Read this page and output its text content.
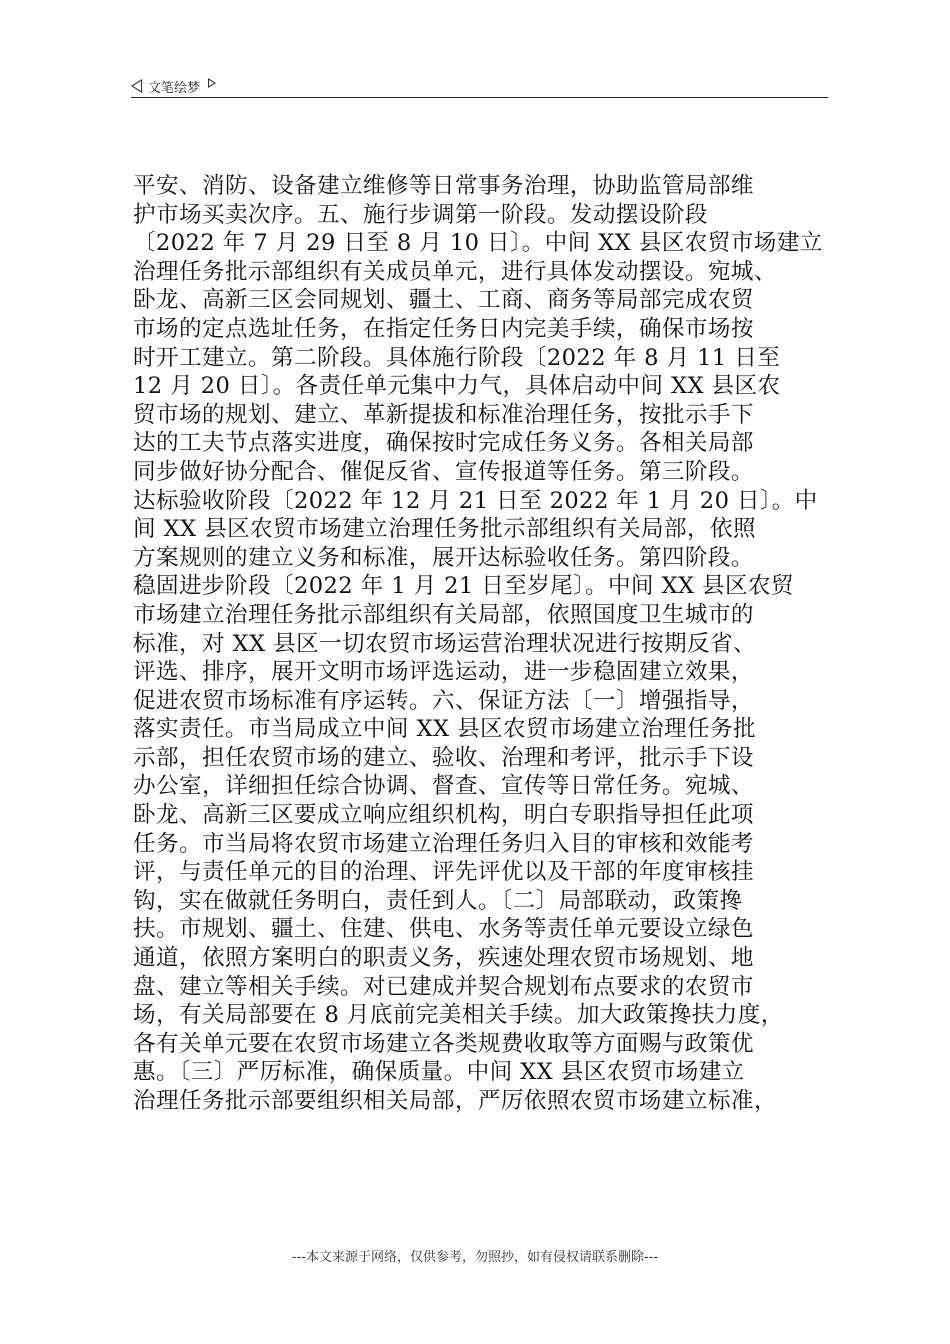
文笔绘梦
平安、消防、设备建立维修等日常事务治理，协助监管局部维
护市场买卖次序。五、施行步调第一阶段。发动摆设阶段
〔2022 年 7 月 29 日至 8 月 10 日〕。中间 XX 县区农贸市场建立
治理任务批示部组织有关成员单元，进行具体发动摆设。宛城、
卧龙、高新三区会同规划、疆土、工商、商务等局部完成农贸
市场的定点选址任务，在指定任务日内完美手续，确保市场按
时开工建立。第二阶段。具体施行阶段〔2022 年 8 月 11 日至
12 月 20 日〕。各责任单元集中力气，具体启动中间 XX 县区农
贸市场的规划、建立、革新提拔和标准治理任务，按批示手下
达的工夫节点落实进度，确保按时完成任务义务。各相关局部
同步做好协分配合、催促反省、宣传报道等任务。第三阶段。
达标验收阶段〔2022 年 12 月 21 日至 2022 年 1 月 20 日〕。中
间 XX 县区农贸市场建立治理任务批示部组织有关局部，依照
方案规则的建立义务和标准，展开达标验收任务。第四阶段。
稳固进步阶段〔2022 年 1 月 21 日至岁尾〕。中间 XX 县区农贸
市场建立治理任务批示部组织有关局部，依照国度卫生城市的
标准，对 XX 县区一切农贸市场运营治理状况进行按期反省、
评选、排序，展开文明市场评选运动，进一步稳固建立效果，
促进农贸市场标准有序运转。六、保证方法〔一〕增强指导，
落实责任。市当局成立中间 XX 县区农贸市场建立治理任务批
示部，担任农贸市场的建立、验收、治理和考评，批示手下设
办公室，详细担任综合协调、督查、宣传等日常任务。宛城、
卧龙、高新三区要成立响应组织机构，明白专职指导担任此项
任务。市当局将农贸市场建立治理任务归入目的审核和效能考
评，与责任单元的目的治理、评先评优以及干部的年度审核挂
钩，实在做就任务明白，责任到人。〔二〕局部联动，政策搀
扶。市规划、疆土、住建、供电、水务等责任单元要设立绿色
通道，依照方案明白的职责义务，疾速处理农贸市场规划、地
盘、建立等相关手续。对已建成并契合规划布点要求的农贸市
场，有关局部要在 8 月底前完美相关手续。加大政策搀扶力度，
各有关单元要在农贸市场建立各类规费收取等方面赐与政策优
惠。〔三〕严厉标准，确保质量。中间 XX 县区农贸市场建立
治理任务批示部要组织相关局部，严厉依照农贸市场建立标准，
---本文来源于网络，仅供参考，勿照抄，如有侵权请联系删除---
